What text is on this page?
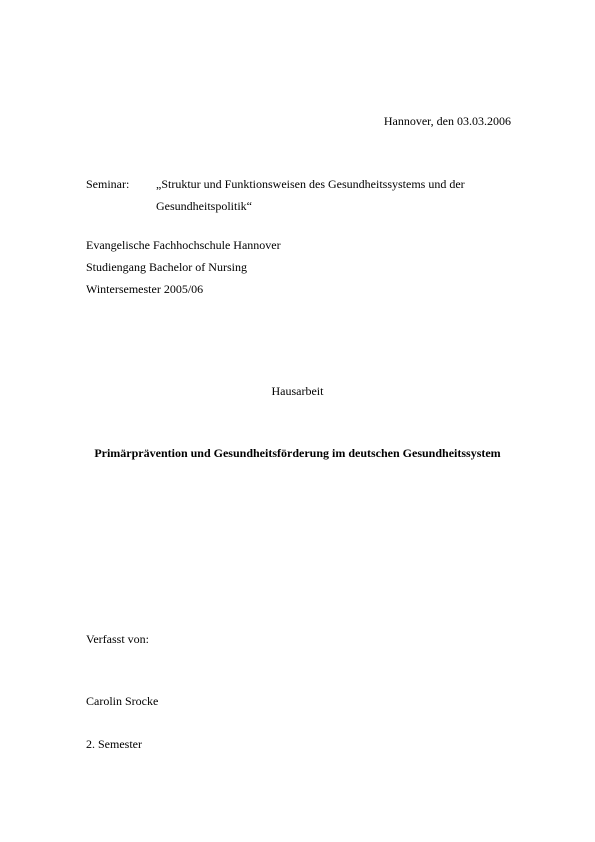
Hannover, den 03.03.2006
Seminar: „Struktur und Funktionsweisen des Gesundheitssystems und der
Gesundheitspolitik“
Evangelische Fachhochschule Hannover
Studiengang Bachelor of Nursing
Wintersemester 2005/06
Hausarbeit
Primärprävention und Gesundheitsförderung im deutschen Gesundheitssystem
Verfasst von:
Carolin Srocke
2. Semester
